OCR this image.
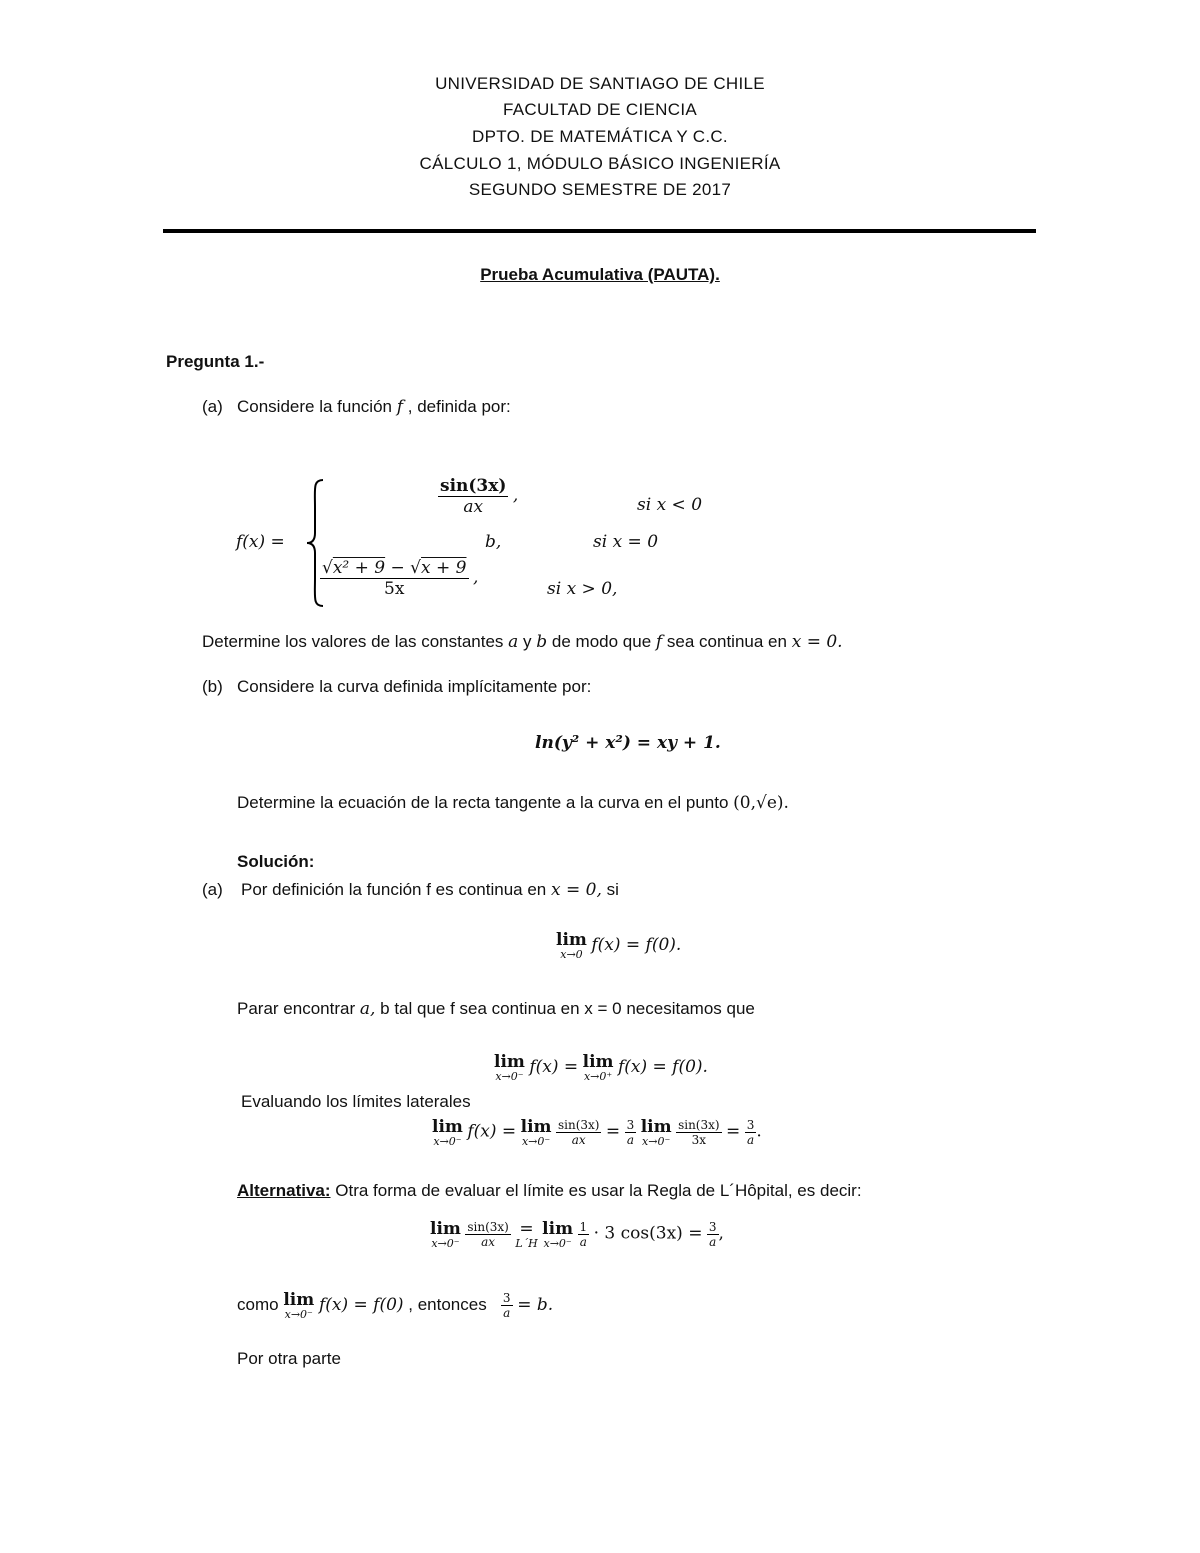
UNIVERSIDAD DE SANTIAGO DE CHILE
FACULTAD DE CIENCIA
DPTO. DE MATEMÁTICA Y C.C.
CÁLCULO 1, MÓDULO BÁSICO INGENIERÍA
SEGUNDO SEMESTRE DE 2017
Prueba Acumulativa (PAUTA).
Pregunta 1.-
(a) Considere la función f , definida por:
f(x) =
$\frac{\sin(3x)}{ax}$ ,	si x < 0
b,	si x = 0
$\frac{\text{√x² + 9 − √x + 9}}{5x}$ ,
si x > 0,
Determine los valores de las constantes a y b de modo que f sea continua en x = 0.
(b) Considere la curva definida implícitamente por:
ln(y² + x²) = xy + 1.
Determine la ecuación de la recta tangente a la curva en el punto (0,√e).
Solución:
(a) Por definición la función f es continua en x = 0, si
lim
x→0 f(x) = f(0).
Parar encontrar a, b tal que f sea continua en x = 0 necesitamos que
lim
x→0⁻ f(x) = lim
x→0⁺ f(x) = f(0).
Evaluando los límites laterales
lim
x→0⁻ f(x) = lim
x→0⁻
$\frac{\sin(3x)}{ax} = \frac{3}{a}$
lim
x→0⁻
$\frac{\sin(3x)}{3x} = \frac{3}{a}$ .
Alternativa: Otra forma de evaluar el límite es usar la Regla de L´Hôpital, es decir:
lim
x→0⁻
$\frac{\sin(3x)}{ax}$
=
L´H

lim
x→0⁻
$\frac{1}{a} \cdot 3$ $\cos(3x) = \frac{3}{a}$ ,
como lim
x→0⁻ f(x) = f(0) , entonces $\frac{3}{a} = b$.
Por otra parte
